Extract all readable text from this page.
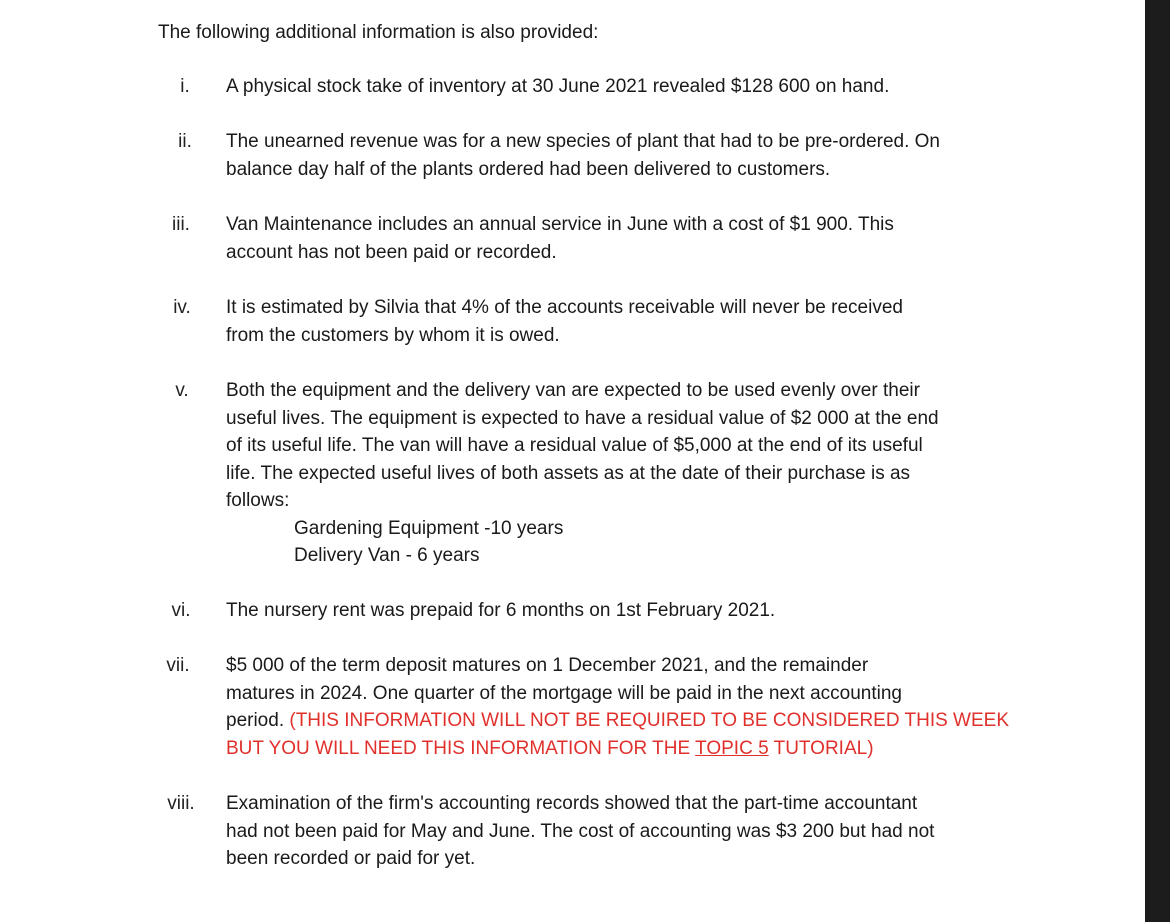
The following additional information is also provided:
i.	A physical stock take of inventory at 30 June 2021 revealed $128 600 on hand.

ii.	The unearned revenue was for a new species of plant that had to be pre-ordered. On

balance day half of the plants ordered had been delivered to customers.

iii.	Van Maintenance includes an annual service in June with a cost of $1 900. This

account has not been paid or recorded.

iv.	It is estimated by Silvia that 4% of the accounts receivable will never be received

from the customers by whom it is owed.

v.	Both the equipment and the delivery van are expected to be used evenly over their

useful lives. The equipment is expected to have a residual value of $2 000 at the end

of its useful life. The van will have a residual value of $5,000 at the end of its useful

life. The expected useful lives of both assets as at the date of their purchase is as

follows:

Gardening Equipment -10 years

Delivery Van - 6 years

vi.	The nursery rent was prepaid for 6 months on 1st February 2021.

vii.	$5 000 of the term deposit matures on 1 December 2021, and the remainder

matures in 2024. One quarter of the mortgage will be paid in the next accounting

period. (THIS INFORMATION WILL NOT BE REQUIRED TO BE CONSIDERED THIS WEEK

BUT YOU WILL NEED THIS INFORMATION FOR THE TOPIC 5 TUTORIAL)

viii.	Examination of the firm's accounting records showed that the part-time accountant

had not been paid for May and June. The cost of accounting was $3 200 but had not

been recorded or paid for yet.
